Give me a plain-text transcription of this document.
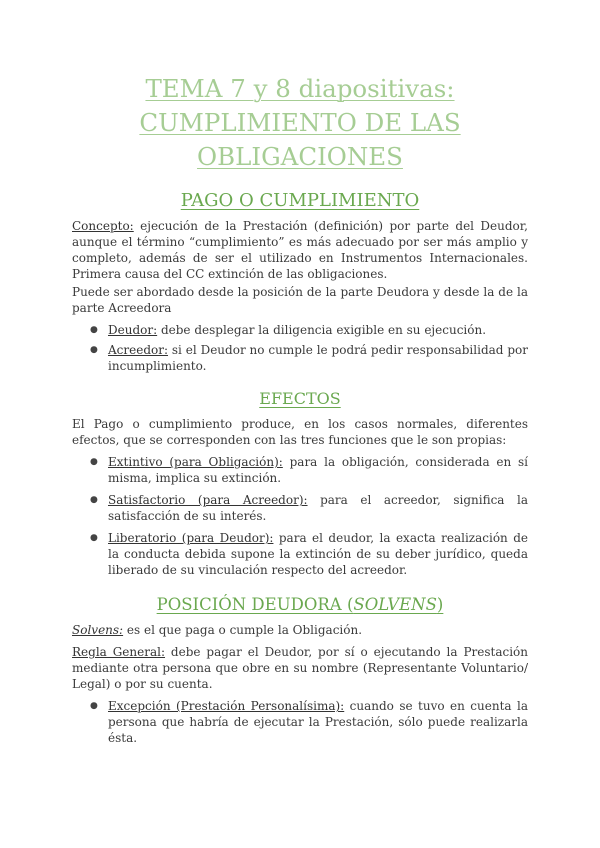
TEMA 7 y 8 diapositivas:
CUMPLIMIENTO DE LAS
OBLIGACIONES
PAGO O CUMPLIMIENTO

Concepto: ejecución de la Prestación (definición) por parte del Deudor, aunque el término “cumplimiento” es más adecuado por ser más amplio y completo, además de ser el utilizado en Instrumentos Internacionales. Primera causa del CC extinción de las obligaciones.

Puede ser abordado desde la posición de la parte Deudora y desde la de la parte Acreedora

● Deudor: debe desplegar la diligencia exigible en su ejecución.
● Acreedor: si el Deudor no cumple le podrá pedir responsabilidad por incumplimiento.
EFECTOS

El Pago o cumplimiento produce, en los casos normales, diferentes efectos, que se corresponden con las tres funciones que le son propias:

● Extintivo (para Obligación): para la obligación, considerada en sí misma, implica su extinción.
● Satisfactorio (para Acreedor): para el acreedor, significa la satisfacción de su interés.
● Liberatorio (para Deudor): para el deudor, la exacta realización de la conducta debida supone la extinción de su deber jurídico, queda liberado de su vinculación respecto del acreedor.
POSICIÓN DEUDORA (SOLVENS)

Solvens: es el que paga o cumple la Obligación.

Regla General: debe pagar el Deudor, por sí o ejecutando la Prestación mediante otra persona que obre en su nombre (Representante Voluntario/ Legal) o por su cuenta.

● Excepción (Prestación Personalísima): cuando se tuvo en cuenta la persona que habría de ejecutar la Prestación, sólo puede realizarla ésta.
